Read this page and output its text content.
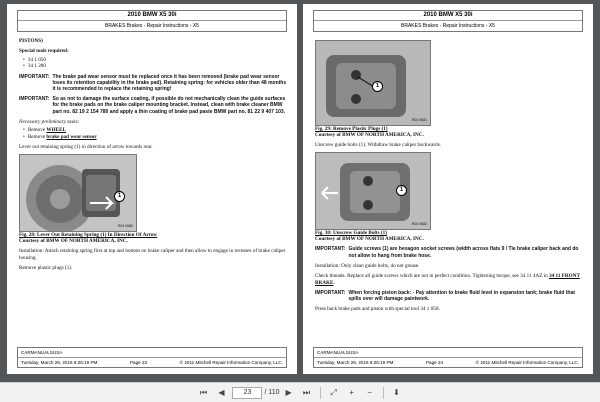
2010 BMW X5 30i
BRAKES Brakes - Repair Instructions - X5
PISTONS)
Special tools required:
• 34 1 050
• 34 1 280
IMPORTANT: The brake pad wear sensor must be replaced once it has been removed (brake pad wear sensor loses its retention capability in the brake pad). Retaining spring: for vehicles older than 48 months it is recommended to replace the retaining spring!
IMPORTANT: So as not to damage the surface coating, if possible do not mechanically clean the guide surfaces for the brake pads on the brake caliper mounting bracket. Instead, clean with brake cleaner BMW part no. 82 19 2 154 780 and apply a thin coating of brake pad paste BMW part no. 81 22 9 407 103.
Necessary preliminary tasks:
• Remove WHEEL
• Remove brake pad wear sensor
Lever out retaining spring (1) in direction of arrow towards rear.
1
R04 0680
Fig. 28: Lever Out Retaining Spring (1) In Direction Of Arrow
Courtesy of BMW OF NORTH AMERICA, INC.
Installation: Attach retaining spring first at top and bottom on brake caliper and then allow to engage in recesses of brake caliper housing.
Remove plastic plugs (1).
CARMANUALSUSA
Tuesday, March 29, 2016 8:26:19 PM	Page 23	© 2011 Mitchell Repair Information Company, LLC.
2010 BMW X5 30i
BRAKES Brakes - Repair Instructions - X5
1
R04 0681
Fig. 29: Remove Plastic Plugs (1)
Courtesy of BMW OF NORTH AMERICA, INC.
Unscrew guide bolts (1). Withdraw brake caliper backwards.
1
R04 0682
Fig. 30: Unscrew Guide Bolts (1)
Courtesy of BMW OF NORTH AMERICA, INC.
IMPORTANT: Guide screws (1) are hexagon socket screws (width across flats 9 / Tie brake caliper back and do not allow to hang from brake hose.
Installation: Only clean guide bolts, do not grease.
Check threads. Replace all guide screws which are not in perfect condition. Tightening torque, see 34 11 4AZ in 34 11 FRONT BRAKE.
IMPORTANT: When forcing piston back: - Pay attention to brake fluid level in expansion tank; brake fluid that spills over will damage paintwork.
Press back brake pads and piston with special tool 34 1 050.
CARMANUALSUSA
Tuesday, March 29, 2016 8:26:19 PM	Page 24	© 2011 Mitchell Repair Information Company, LLC.
⏮	◀	23	/ 110 ▶	⏭	⤢	+	−	⬇
